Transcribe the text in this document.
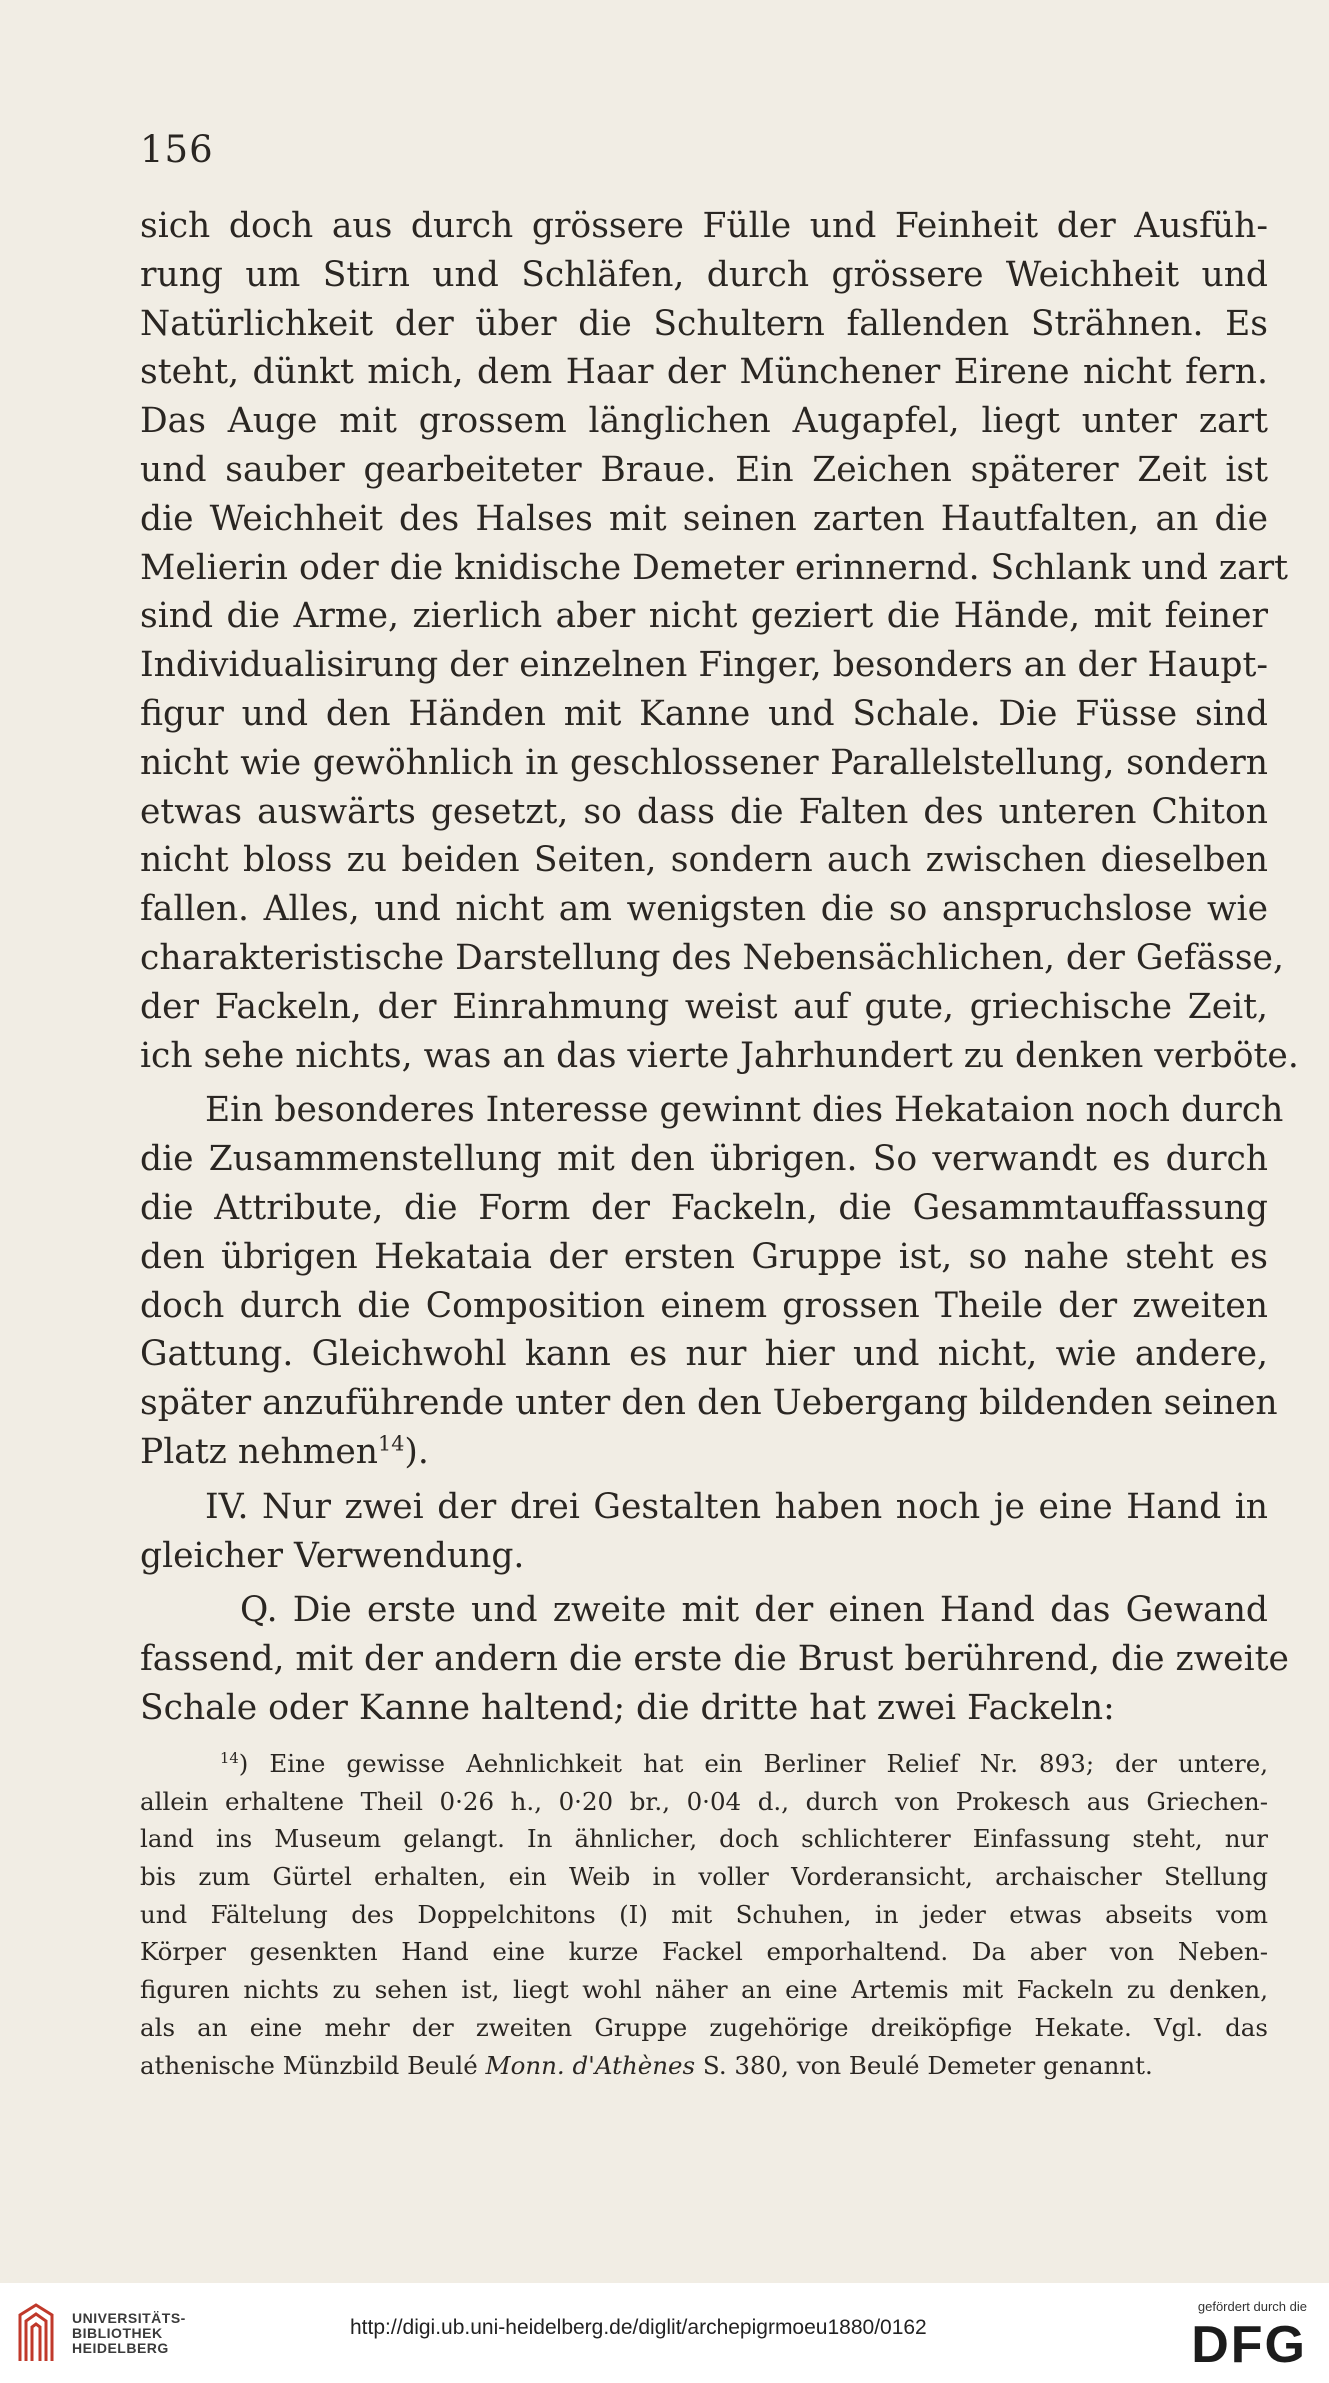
156
sich doch aus durch grössere Fülle und Feinheit der Ausfüh-
rung um Stirn und Schläfen, durch grössere Weichheit und
Natürlichkeit der über die Schultern fallenden Strähnen. Es
steht, dünkt mich, dem Haar der Münchener Eirene nicht fern.
Das Auge mit grossem länglichen Augapfel, liegt unter zart
und sauber gearbeiteter Braue. Ein Zeichen späterer Zeit ist
die Weichheit des Halses mit seinen zarten Hautfalten, an die
Melierin oder die knidische Demeter erinnernd. Schlank und zart
sind die Arme, zierlich aber nicht geziert die Hände, mit feiner
Individualisirung der einzelnen Finger, besonders an der Haupt-
figur und den Händen mit Kanne und Schale. Die Füsse sind
nicht wie gewöhnlich in geschlossener Parallelstellung, sondern
etwas auswärts gesetzt, so dass die Falten des unteren Chiton
nicht bloss zu beiden Seiten, sondern auch zwischen dieselben
fallen. Alles, und nicht am wenigsten die so anspruchslose wie
charakteristische Darstellung des Nebensächlichen, der Gefässe,
der Fackeln, der Einrahmung weist auf gute, griechische Zeit,
ich sehe nichts, was an das vierte Jahrhundert zu denken verböte.
Ein besonderes Interesse gewinnt dies Hekataion noch durch
die Zusammenstellung mit den übrigen. So verwandt es durch
die Attribute, die Form der Fackeln, die Gesammtauffassung
den übrigen Hekataia der ersten Gruppe ist, so nahe steht es
doch durch die Composition einem grossen Theile der zweiten
Gattung. Gleichwohl kann es nur hier und nicht, wie andere,
später anzuführende unter den den Uebergang bildenden seinen
Platz nehmen$^{14}$).
IV. Nur zwei der drei Gestalten haben noch je eine Hand in
gleicher Verwendung.
Q. Die erste und zweite mit der einen Hand das Gewand
fassend, mit der andern die erste die Brust berührend, die zweite
Schale oder Kanne haltend; die dritte hat zwei Fackeln:
$^{14}$) Eine gewisse Aehnlichkeit hat ein Berliner Relief Nr. 893; der untere,
allein erhaltene Theil 0·26 h., 0·20 br., 0·04 d., durch von Prokesch aus Griechen-
land ins Museum gelangt. In ähnlicher, doch schlichterer Einfassung steht, nur
bis zum Gürtel erhalten, ein Weib in voller Vorderansicht, archaischer Stellung
und Fältelung des Doppelchitons (I) mit Schuhen, in jeder etwas abseits vom
Körper gesenkten Hand eine kurze Fackel emporhaltend. Da aber von Neben-
figuren nichts zu sehen ist, liegt wohl näher an eine Artemis mit Fackeln zu denken,
als an eine mehr der zweiten Gruppe zugehörige dreiköpfige Hekate. Vgl. das
athenische Münzbild Beulé Monn. d'Athènes S. 380, von Beulé Demeter genannt.
UNIVERSITÄTS-
BIBLIOTHEK
HEIDELBERG
http://digi.ub.uni-heidelberg.de/diglit/archepigrmoeu1880/0162
gefördert durch die
DFG
